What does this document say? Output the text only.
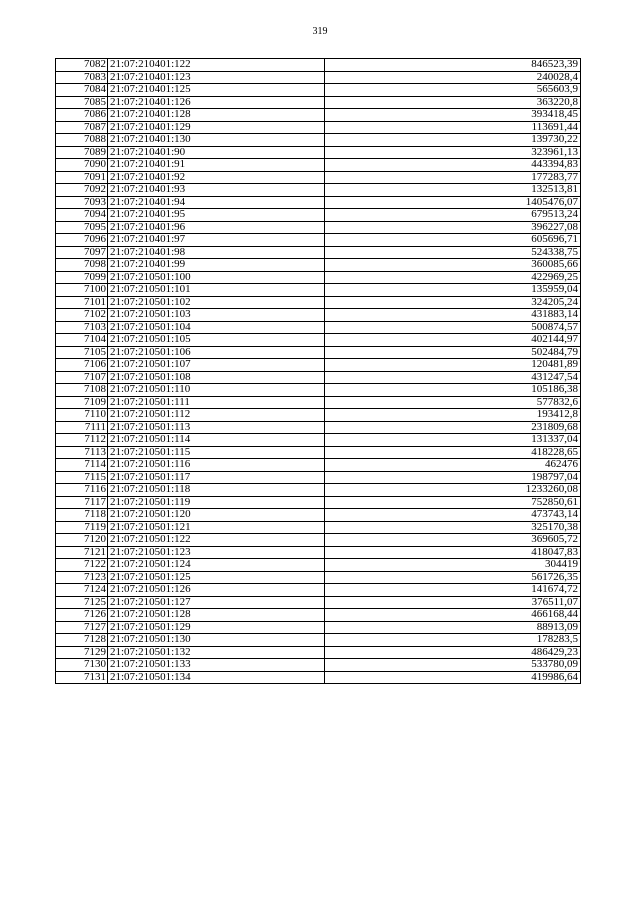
319
7082	21:07:210401:122	846523,39
7083	21:07:210401:123	240028,4
7084	21:07:210401:125	565603,9
7085	21:07:210401:126	363220,8
7086	21:07:210401:128	393418,45
7087	21:07:210401:129	113691,44
7088	21:07:210401:130	139730,22
7089	21:07:210401:90	323961,13
7090	21:07:210401:91	443394,83
7091	21:07:210401:92	177283,77
7092	21:07:210401:93	132513,81
7093	21:07:210401:94	1405476,07
7094	21:07:210401:95	679513,24
7095	21:07:210401:96	396227,08
7096	21:07:210401:97	605696,71
7097	21:07:210401:98	524338,75
7098	21:07:210401:99	360085,66
7099	21:07:210501:100	422969,25
7100	21:07:210501:101	135959,04
7101	21:07:210501:102	324205,24
7102	21:07:210501:103	431883,14
7103	21:07:210501:104	500874,57
7104	21:07:210501:105	402144,97
7105	21:07:210501:106	502484,79
7106	21:07:210501:107	120481,89
7107	21:07:210501:108	431247,54
7108	21:07:210501:110	105186,38
7109	21:07:210501:111	577832,6
7110	21:07:210501:112	193412,8
7111	21:07:210501:113	231809,68
7112	21:07:210501:114	131337,04
7113	21:07:210501:115	418228,65
7114	21:07:210501:116	462476
7115	21:07:210501:117	198797,04
7116	21:07:210501:118	1233260,08
7117	21:07:210501:119	752850,61
7118	21:07:210501:120	473743,14
7119	21:07:210501:121	325170,38
7120	21:07:210501:122	369605,72
7121	21:07:210501:123	418047,83
7122	21:07:210501:124	304419
7123	21:07:210501:125	561726,35
7124	21:07:210501:126	141674,72
7125	21:07:210501:127	376511,07
7126	21:07:210501:128	466168,44
7127	21:07:210501:129	88913,09
7128	21:07:210501:130	178283,5
7129	21:07:210501:132	486429,23
7130	21:07:210501:133	533780,09
7131	21:07:210501:134	419986,64
